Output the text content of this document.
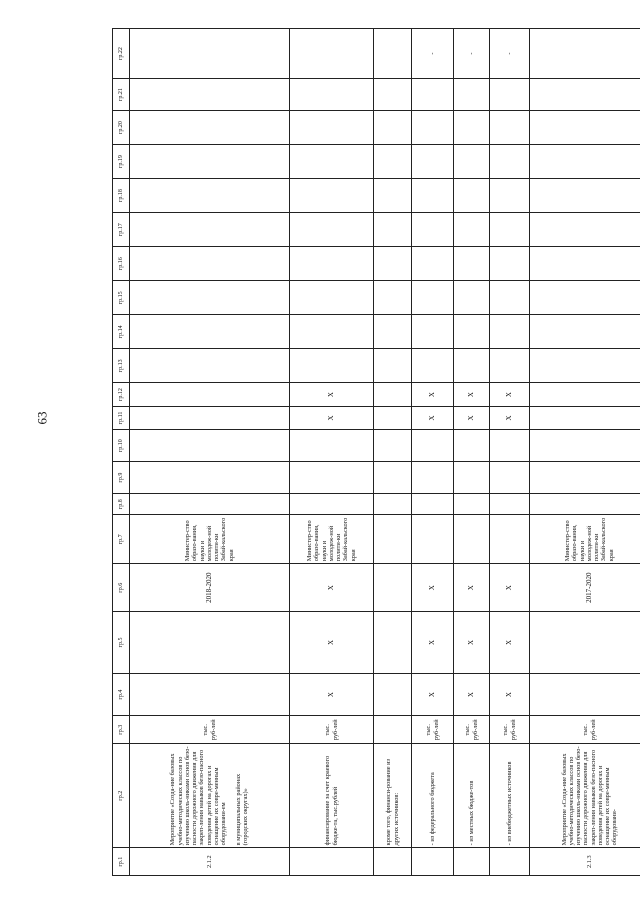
63
гр.1	гр.2	гр.3	гр.4	гр.5	гр.6	гр.7	гр.8	гр.9	гр.10	гр.11	гр.12	гр.13	гр.14	гр.15	гр.16	гр.17	гр.18	гр.19	гр.20	гр.21	гр.22
2.1.2	Мероприятие «Созда-ние базовых учебно-методических классов по изучению школь-никами основ безо-пасности дорожного движения для закреп-ления навыков безо-пасного поведения детей на дорогах и оснащение их совре-менным оборудовани-ем в муниципальных районах (городских округах)»	тыс. руб-лей			2018-2020	Министер-ство образо-вания, науки и молодеж-ной полити-ки Забай-кальского края															
	финансирование за счет краевого бюдже-та, тыс.рублей	тыс. руб-лей	X	X	X	Министер-ство образо-вания, науки и молодеж-ной полити-ки Забай-кальского края				X	X										
	кроме того, финанси-рование из других источников:																				
	- из федерального бюджета	тыс. руб-лей	X	X	X					X	X										-
	- из местных бюдже-тов	тыс. руб-лей	X	X	X					X	X										-
	- из внебюджетных источников	тыс. руб-лей	X	X	X					X	X										-
2.1.3	Мероприятие «Созда-ние базовых учебно-методических классов по изучению школь-никами основ безо-пасности дорожного движения для закреп-ления навыков безо-пасного поведения детей на дорогах и оснащение их совре-менным оборудовани-	тыс. руб-лей			2017-2020	Министер-ство образо-вания, науки и молодеж-ной полити-ки Забай-кальского края															
